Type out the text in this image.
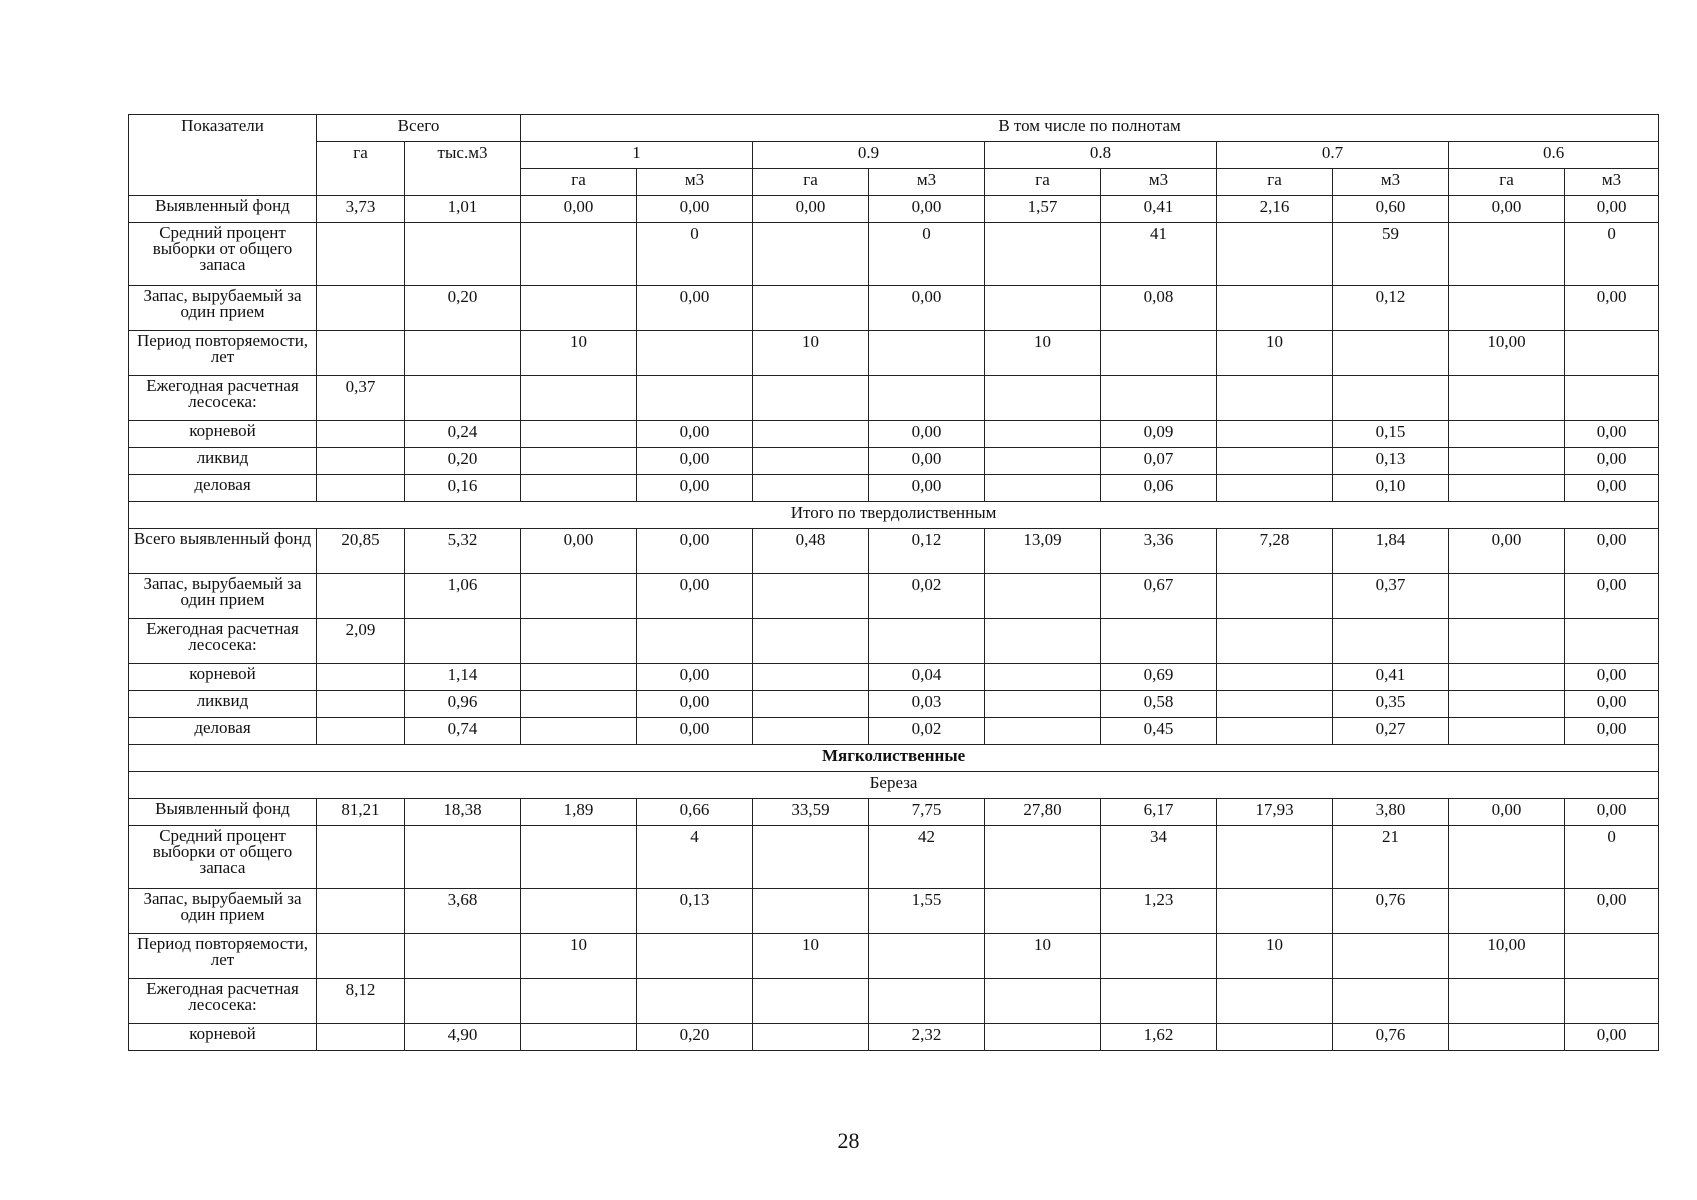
Показатели	Всего		В том числе по полнотам									
	га	тыс.м3	1		0.9		0.8		0.7		0.6	
			га	м3	га	м3	га	м3	га	м3	га	м3
Выявленный фонд	3,73	1,01	0,00	0,00	0,00	0,00	1,57	0,41	2,16	0,60	0,00	0,00
Средний процент выборки от общего запаса				0		0		41		59		0
Запас, вырубаемый за один прием		0,20		0,00		0,00		0,08		0,12		0,00
Период повторяемости, лет			10		10		10		10		10,00	
Ежегодная расчетная лесосека:	0,37											
корневой		0,24		0,00		0,00		0,09		0,15		0,00
ликвид		0,20		0,00		0,00		0,07		0,13		0,00
деловая		0,16		0,00		0,00		0,06		0,10		0,00
Итого по твердолиственным												
Всего выявленный фонд	20,85	5,32	0,00	0,00	0,48	0,12	13,09	3,36	7,28	1,84	0,00	0,00
Запас, вырубаемый за один прием		1,06		0,00		0,02		0,67		0,37		0,00
Ежегодная расчетная лесосека:	2,09											
корневой		1,14		0,00		0,04		0,69		0,41		0,00
ликвид		0,96		0,00		0,03		0,58		0,35		0,00
деловая		0,74		0,00		0,02		0,45		0,27		0,00
Мягколиственные												
Береза												
Выявленный фонд	81,21	18,38	1,89	0,66	33,59	7,75	27,80	6,17	17,93	3,80	0,00	0,00
Средний процент выборки от общего запаса				4		42		34		21		0
Запас, вырубаемый за один прием		3,68		0,13		1,55		1,23		0,76		0,00
Период повторяемости, лет			10		10		10		10		10,00	
Ежегодная расчетная лесосека:	8,12											
корневой		4,90		0,20		2,32		1,62		0,76		0,00
28
